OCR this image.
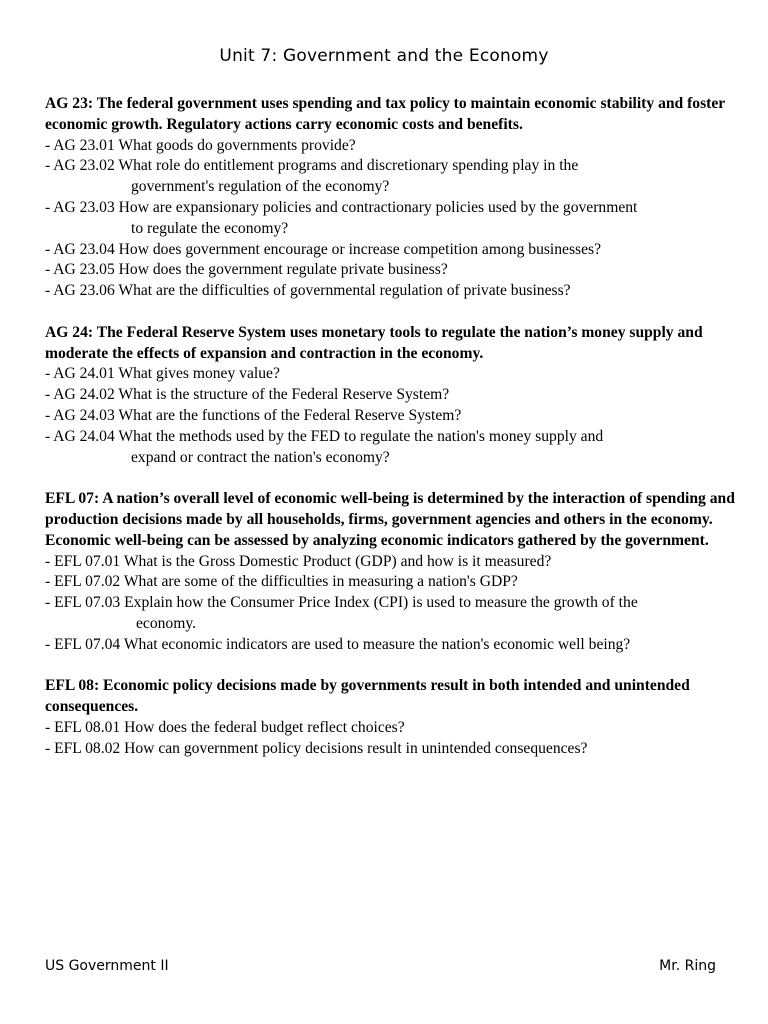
Unit 7: Government and the Economy

AG 23: The federal government uses spending and tax policy to maintain economic stability and foster economic growth. Regulatory actions carry economic costs and benefits.

- AG 23.01 What goods do governments provide?

- AG 23.02 What role do entitlement programs and discretionary spending play in the
government's regulation of the economy?

- AG 23.03 How are expansionary policies and contractionary policies used by the government
to regulate the economy?

- AG 23.04 How does government encourage or increase competition among businesses?

- AG 23.05 How does the government regulate private business?

- AG 23.06 What are the difficulties of governmental regulation of private business?

AG 24: The Federal Reserve System uses monetary tools to regulate the nation’s money supply and moderate the effects of expansion and contraction in the economy.

- AG 24.01 What gives money value?

- AG 24.02 What is the structure of the Federal Reserve System?

- AG 24.03 What are the functions of the Federal Reserve System?

- AG 24.04 What the methods used by the FED to regulate the nation's money supply and
expand or contract the nation's economy?

EFL 07: A nation’s overall level of economic well-being is determined by the interaction of spending and production decisions made by all households, firms, government agencies and others in the economy. Economic well-being can be assessed by analyzing economic indicators gathered by the government.

- EFL 07.01 What is the Gross Domestic Product (GDP) and how is it measured?

- EFL 07.02 What are some of the difficulties in measuring a nation's GDP?

- EFL 07.03 Explain how the Consumer Price Index (CPI) is used to measure the growth of the
economy.

- EFL 07.04 What economic indicators are used to measure the nation's economic well being?

EFL 08: Economic policy decisions made by governments result in both intended and unintended consequences.

- EFL 08.01 How does the federal budget reflect choices?

- EFL 08.02 How can government policy decisions result in unintended consequences?

US Government II	Mr. Ring
